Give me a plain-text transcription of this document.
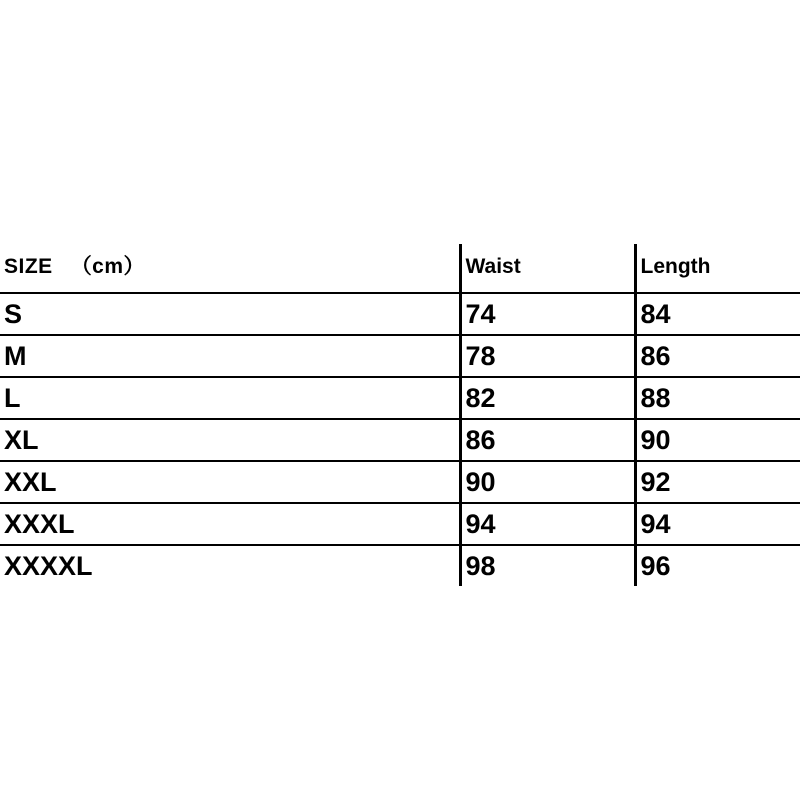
SIZE （cm）	Waist	Length
S	74	84
M	78	86
L	82	88
XL	86	90
XXL	90	92
XXXL	94	94
XXXXL	98	96
